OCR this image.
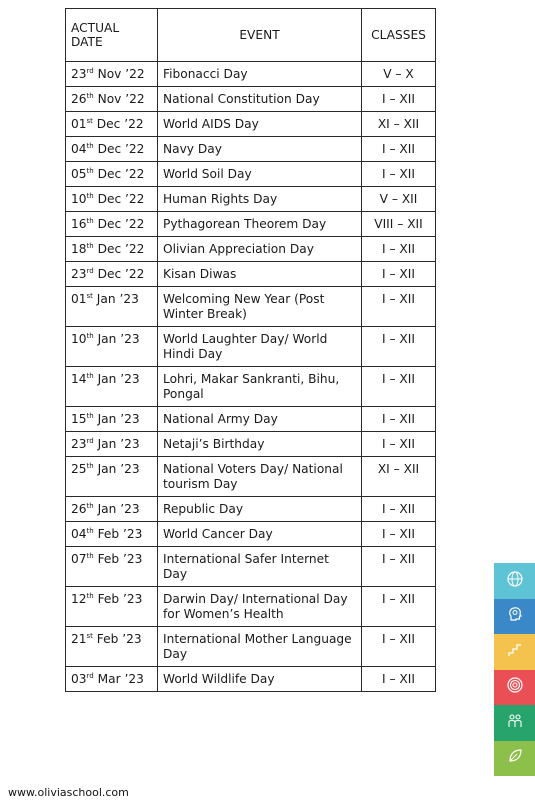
ACTUAL DATE	EVENT	CLASSES
23rd Nov ’22	Fibonacci Day	V – X
26th Nov ’22	National Constitution Day	I – XII
01st Dec ’22	World AIDS Day	XI – XII
04th Dec ’22	Navy Day	I – XII
05th Dec ’22	World Soil Day	I – XII
10th Dec ’22	Human Rights Day	V – XII
16th Dec ’22	Pythagorean Theorem Day	VIII – XII
18th Dec ’22	Olivian Appreciation Day	I – XII
23rd Dec ’22	Kisan Diwas	I – XII
01st Jan ’23	Welcoming New Year (Post Winter Break)	I – XII
10th Jan ’23	World Laughter Day/ World Hindi Day	I – XII
14th Jan ’23	Lohri, Makar Sankranti, Bihu, Pongal	I – XII
15th Jan ’23	National Army Day	I – XII
23rd Jan ’23	Netaji’s Birthday	I – XII
25th Jan ’23	National Voters Day/ National tourism Day	XI – XII
26th Jan ’23	Republic Day	I – XII
04th Feb ’23	World Cancer Day	I – XII
07th Feb ’23	International Safer Internet Day	I – XII
12th Feb ’23	Darwin Day/ International Day for Women’s Health	I – XII
21st Feb ’23	International Mother Language Day	I – XII
03rd Mar ’23	World Wildlife Day	I – XII
www.oliviaschool.com
